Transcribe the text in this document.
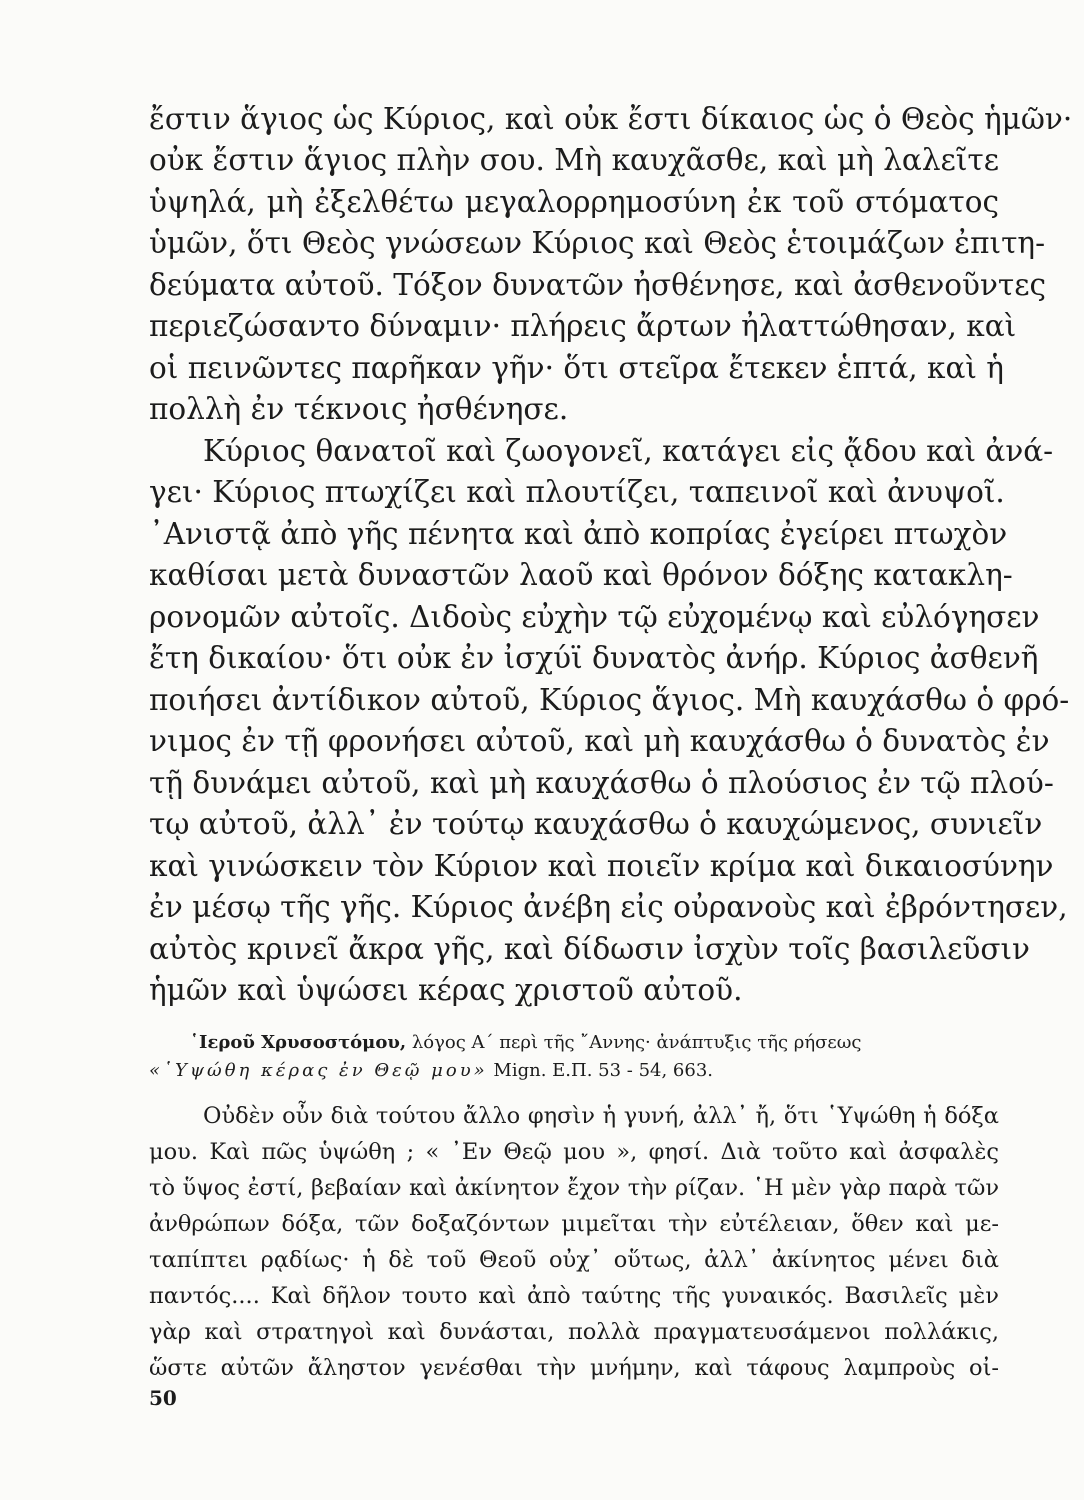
ἔστιν ἅγιος ὡς Κύριος, καὶ οὐκ ἔστι δίκαιος ὡς ὁ Θεὸς ἡμῶν·
οὐκ ἔστιν ἅγιος πλὴν σου. Μὴ καυχᾶσθε, καὶ μὴ λαλεῖτε
ὑψηλά, μὴ ἐξελθέτω μεγαλορρημοσύνη ἐκ τοῦ στόματος
ὑμῶν, ὅτι Θεὸς γνώσεων Κύριος καὶ Θεὸς ἑτοιμάζων ἐπιτη-
δεύματα αὐτοῦ. Τόξον δυνατῶν ἠσθένησε, καὶ ἀσθενοῦντες
περιεζώσαντο δύναμιν· πλήρεις ἄρτων ἠλαττώθησαν, καὶ
οἱ πεινῶντες παρῆκαν γῆν· ὅτι στεῖρα ἔτεκεν ἑπτά, καὶ ἡ
πολλὴ ἐν τέκνοις ἠσθένησε.
Κύριος θανατοῖ καὶ ζωογονεῖ, κατάγει εἰς ᾄδου καὶ ἀνά-
γει· Κύριος πτωχίζει καὶ πλουτίζει, ταπεινοῖ καὶ ἀνυψοῖ.
᾿Ανιστᾷ ἀπὸ γῆς πένητα καὶ ἀπὸ κοπρίας ἐγείρει πτωχὸν
καθίσαι μετὰ δυναστῶν λαοῦ καὶ θρόνον δόξης κατακλη-
ρονομῶν αὐτοῖς. Διδοὺς εὐχὴν τῷ εὐχομένῳ καὶ εὐλόγησεν
ἔτη δικαίου· ὅτι οὐκ ἐν ἰσχύϊ δυνατὸς ἀνήρ. Κύριος ἀσθενῆ
ποιήσει ἀντίδικον αὐτοῦ, Κύριος ἅγιος. Μὴ καυχάσθω ὁ φρό-
νιμος ἐν τῇ φρονήσει αὐτοῦ, καὶ μὴ καυχάσθω ὁ δυνατὸς ἐν
τῇ δυνάμει αὐτοῦ, καὶ μὴ καυχάσθω ὁ πλούσιος ἐν τῷ πλού-
τῳ αὐτοῦ, ἀλλ᾿ ἐν τούτῳ καυχάσθω ὁ καυχώμενος, συνιεῖν
καὶ γινώσκειν τὸν Κύριον καὶ ποιεῖν κρίμα καὶ δικαιοσύνην
ἐν μέσῳ τῆς γῆς. Κύριος ἀνέβη εἰς οὐρανοὺς καὶ ἐβρόντησεν,
αὐτὸς κρινεῖ ἄκρα γῆς, καὶ δίδωσιν ἰσχὺν τοῖς βασιλεῦσιν
ἡμῶν καὶ ὑψώσει κέρας χριστοῦ αὐτοῦ.
῾Ιεροῦ Χρυσοστόμου, λόγος Α΄ περὶ τῆς ῎Αννης· ἀνάπτυξις τῆς ρήσεως
«῾Υψώθη κέρας ἐν Θεῷ μου» Mign. Ε.Π. 53 - 54, 663.
Οὐδὲν οὖν διὰ τούτου ἄλλο φησὶν ἡ γυνή, ἀλλ᾿ ἤ, ὅτι ῾Υψώθη ἡ δόξα
μου. Καὶ πῶς ὑψώθη ; « ᾿Εν Θεῷ μου », φησί. Διὰ τοῦτο καὶ ἀσφαλὲς
τὸ ὕψος ἐστί, βεβαίαν καὶ ἀκίνητον ἔχον τὴν ρίζαν. ῾Η μὲν γὰρ παρὰ τῶν
ἀνθρώπων δόξα, τῶν δοξαζόντων μιμεῖται τὴν εὐτέλειαν, ὅθεν καὶ με-
ταπίπτει ρᾳδίως· ἡ δὲ τοῦ Θεοῦ οὐχ᾿ οὕτως, ἀλλ᾿ ἀκίνητος μένει διὰ
παντός.... Καὶ δῆλον τουτο καὶ ἀπὸ ταύτης τῆς γυναικός. Βασιλεῖς μὲν
γὰρ καὶ στρατηγοὶ καὶ δυνάσται, πολλὰ πραγματευσάμενοι πολλάκις,
ὥστε αὐτῶν ἄληστον γενέσθαι τὴν μνήμην, καὶ τάφους λαμπροὺς οἰ-
50
